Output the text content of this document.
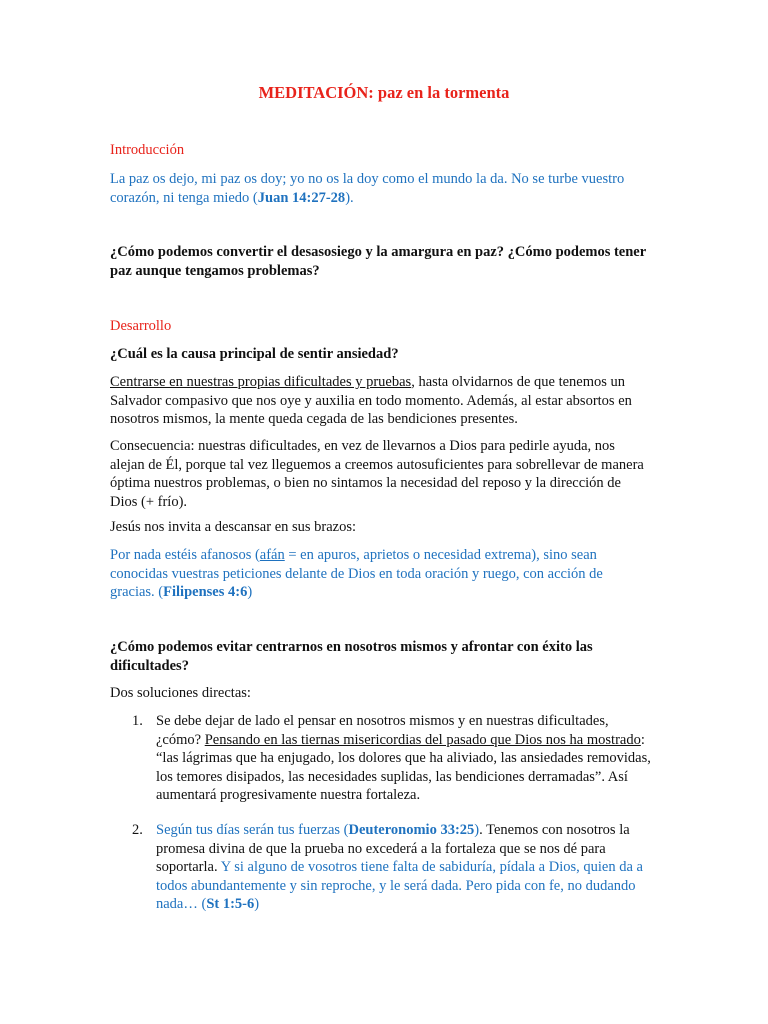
MEDITACIÓN: paz en la tormenta

Introducción

La paz os dejo, mi paz os doy; yo no os la doy como el mundo la da. No se turbe vuestro corazón, ni tenga miedo (Juan 14:27-28).

¿Cómo podemos convertir el desasosiego y la amargura en paz? ¿Cómo podemos tener paz aunque tengamos problemas?

Desarrollo

¿Cuál es la causa principal de sentir ansiedad?

Centrarse en nuestras propias dificultades y pruebas, hasta olvidarnos de que tenemos un Salvador compasivo que nos oye y auxilia en todo momento. Además, al estar absortos en nosotros mismos, la mente queda cegada de las bendiciones presentes.

Consecuencia: nuestras dificultades, en vez de llevarnos a Dios para pedirle ayuda, nos alejan de Él, porque tal vez lleguemos a creemos autosuficientes para sobrellevar de manera óptima nuestros problemas, o bien no sintamos la necesidad del reposo y la dirección de Dios (+ frío).

Jesús nos invita a descansar en sus brazos:

Por nada estéis afanosos (afán = en apuros, aprietos o necesidad extrema), sino sean conocidas vuestras peticiones delante de Dios en toda oración y ruego, con acción de gracias. (Filipenses 4:6)

¿Cómo podemos evitar centrarnos en nosotros mismos y afrontar con éxito las dificultades?

Dos soluciones directas:

1. Se debe dejar de lado el pensar en nosotros mismos y en nuestras dificultades, ¿cómo? Pensando en las tiernas misericordias del pasado que Dios nos ha mostrado: “las lágrimas que ha enjugado, los dolores que ha aliviado, las ansiedades removidas, los temores disipados, las necesidades suplidas, las bendiciones derramadas”. Así aumentará progresivamente nuestra fortaleza.

2. Según tus días serán tus fuerzas (Deuteronomio 33:25). Tenemos con nosotros la promesa divina de que la prueba no excederá a la fortaleza que se nos dé para soportarla. Y si alguno de vosotros tiene falta de sabiduría, pídala a Dios, quien da a todos abundantemente y sin reproche, y le será dada. Pero pida con fe, no dudando nada… (St 1:5-6)
